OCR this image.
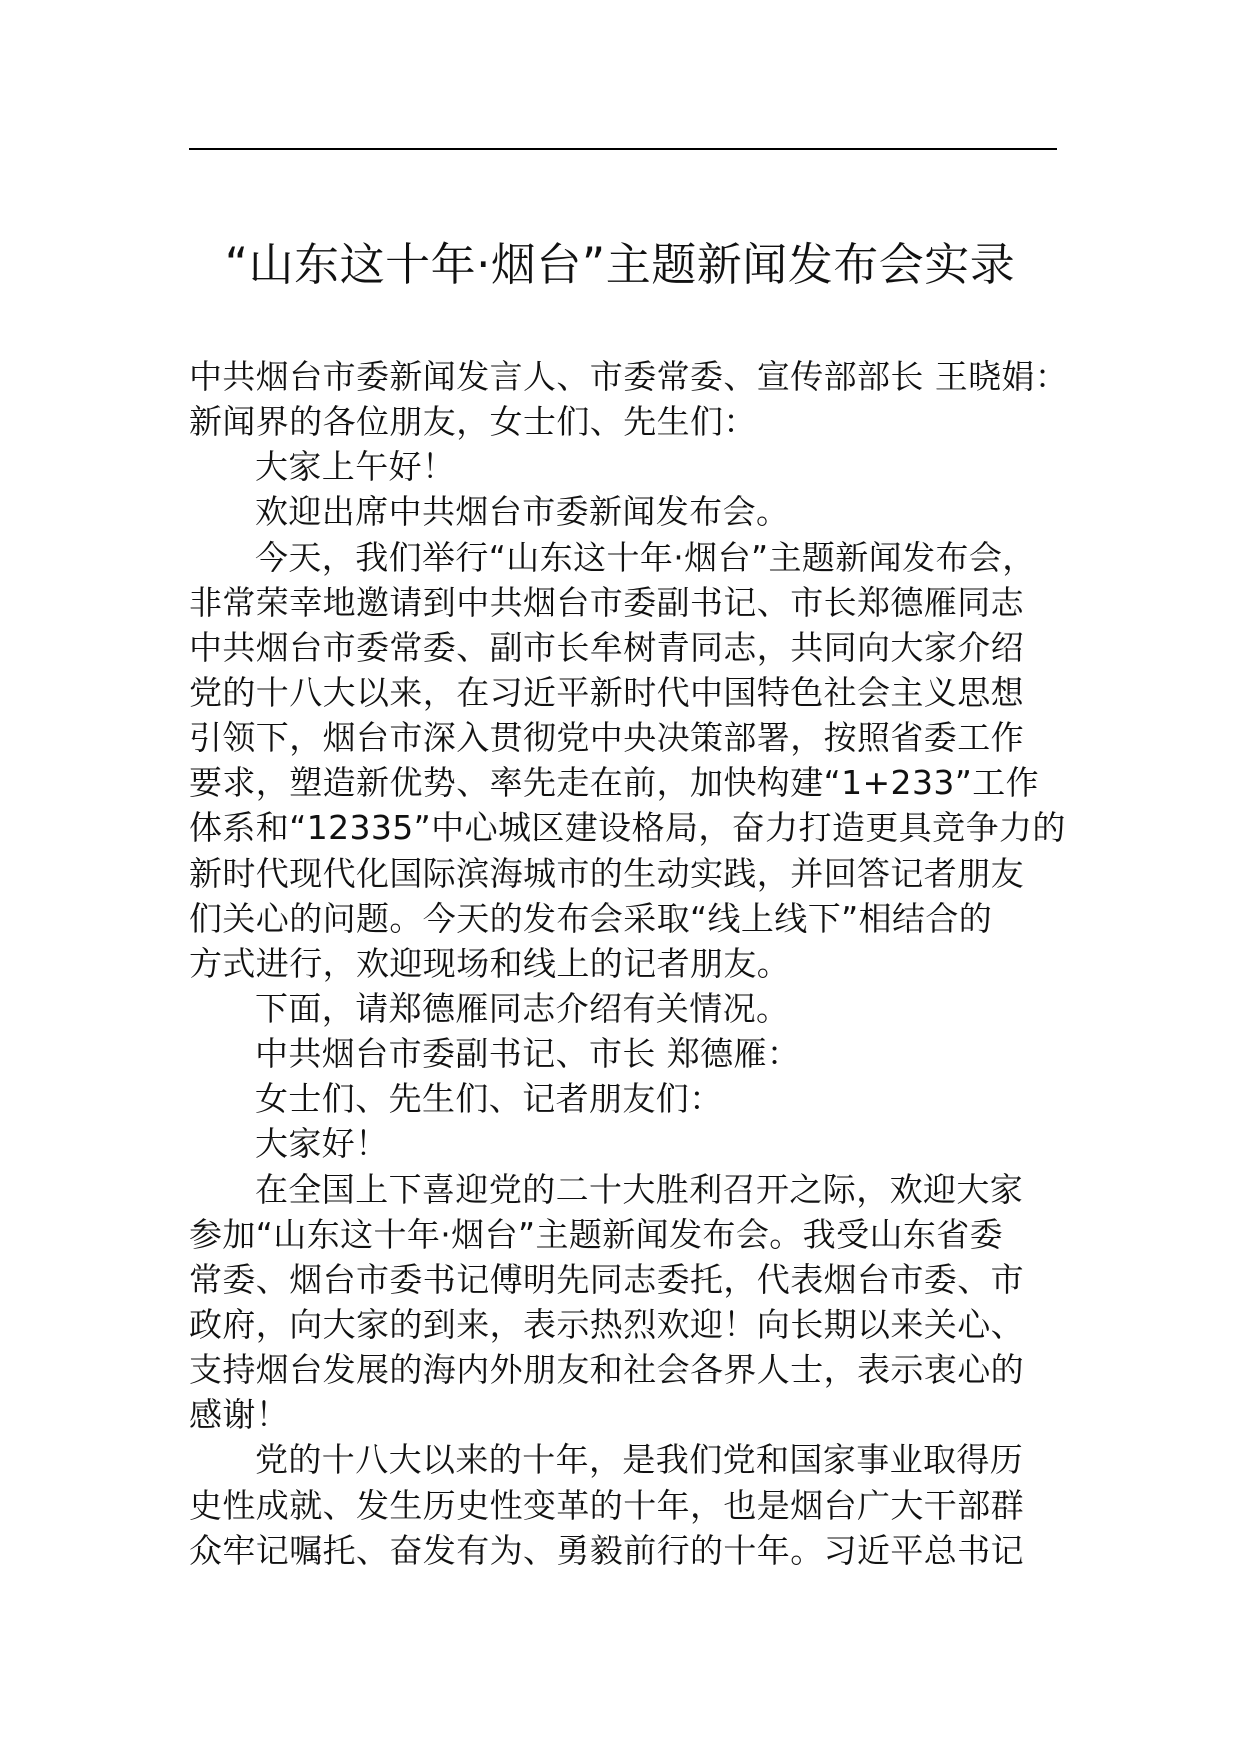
“山东这十年·烟台”主题新闻发布会实录
中共烟台市委新闻发言人、市委常委、宣传部部长 王晓娟：
新闻界的各位朋友，女士们、先生们：
大家上午好！
欢迎出席中共烟台市委新闻发布会。
今天，我们举行“山东这十年·烟台”主题新闻发布会，
非常荣幸地邀请到中共烟台市委副书记、市长郑德雁同志
中共烟台市委常委、副市长牟树青同志，共同向大家介绍
党的十八大以来，在习近平新时代中国特色社会主义思想
引领下，烟台市深入贯彻党中央决策部署，按照省委工作
要求，塑造新优势、率先走在前，加快构建“1+233”工作
体系和“12335”中心城区建设格局，奋力打造更具竞争力的
新时代现代化国际滨海城市的生动实践，并回答记者朋友
们关心的问题。今天的发布会采取“线上线下”相结合的
方式进行，欢迎现场和线上的记者朋友。
下面，请郑德雁同志介绍有关情况。
中共烟台市委副书记、市长 郑德雁：
女士们、先生们、记者朋友们：
大家好！
在全国上下喜迎党的二十大胜利召开之际，欢迎大家
参加“山东这十年·烟台”主题新闻发布会。我受山东省委
常委、烟台市委书记傅明先同志委托，代表烟台市委、市
政府，向大家的到来，表示热烈欢迎！向长期以来关心、
支持烟台发展的海内外朋友和社会各界人士，表示衷心的
感谢！
党的十八大以来的十年，是我们党和国家事业取得历
史性成就、发生历史性变革的十年，也是烟台广大干部群
众牢记嘱托、奋发有为、勇毅前行的十年。习近平总书记
